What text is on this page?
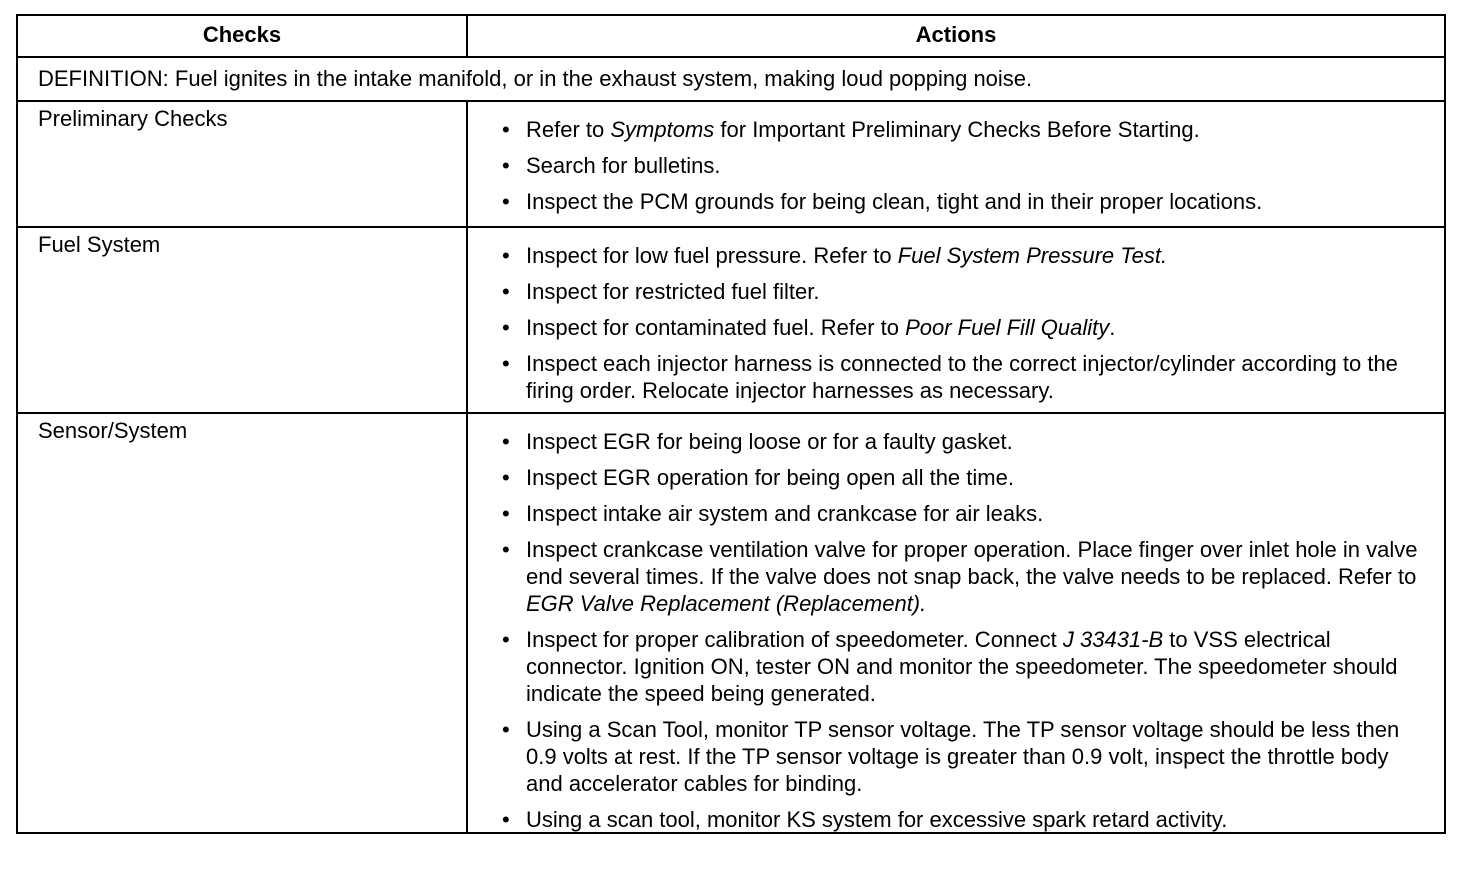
Checks	Actions
DEFINITION: Fuel ignites in the intake manifold, or in the exhaust system, making loud popping noise.
Preliminary Checks	• Refer to Symptoms for Important Preliminary Checks Before Starting.
• Search for bulletins.
• Inspect the PCM grounds for being clean, tight and in their proper locations.
Fuel System	• Inspect for low fuel pressure. Refer to Fuel System Pressure Test.
• Inspect for restricted fuel filter.
• Inspect for contaminated fuel. Refer to Poor Fuel Fill Quality.
• Inspect each injector harness is connected to the correct injector/cylinder according to the firing order. Relocate injector harnesses as necessary.
Sensor/System	• Inspect EGR for being loose or for a faulty gasket.
• Inspect EGR operation for being open all the time.
• Inspect intake air system and crankcase for air leaks.
• Inspect crankcase ventilation valve for proper operation. Place finger over inlet hole in valve end several times. If the valve does not snap back, the valve needs to be replaced. Refer to EGR Valve Replacement (Replacement).
• Inspect for proper calibration of speedometer. Connect J 33431-B to VSS electrical connector. Ignition ON, tester ON and monitor the speedometer. The speedometer should indicate the speed being generated.
• Using a Scan Tool, monitor TP sensor voltage. The TP sensor voltage should be less then 0.9 volts at rest. If the TP sensor voltage is greater than 0.9 volt, inspect the throttle body and accelerator cables for binding.
• Using a scan tool, monitor KS system for excessive spark retard activity.
